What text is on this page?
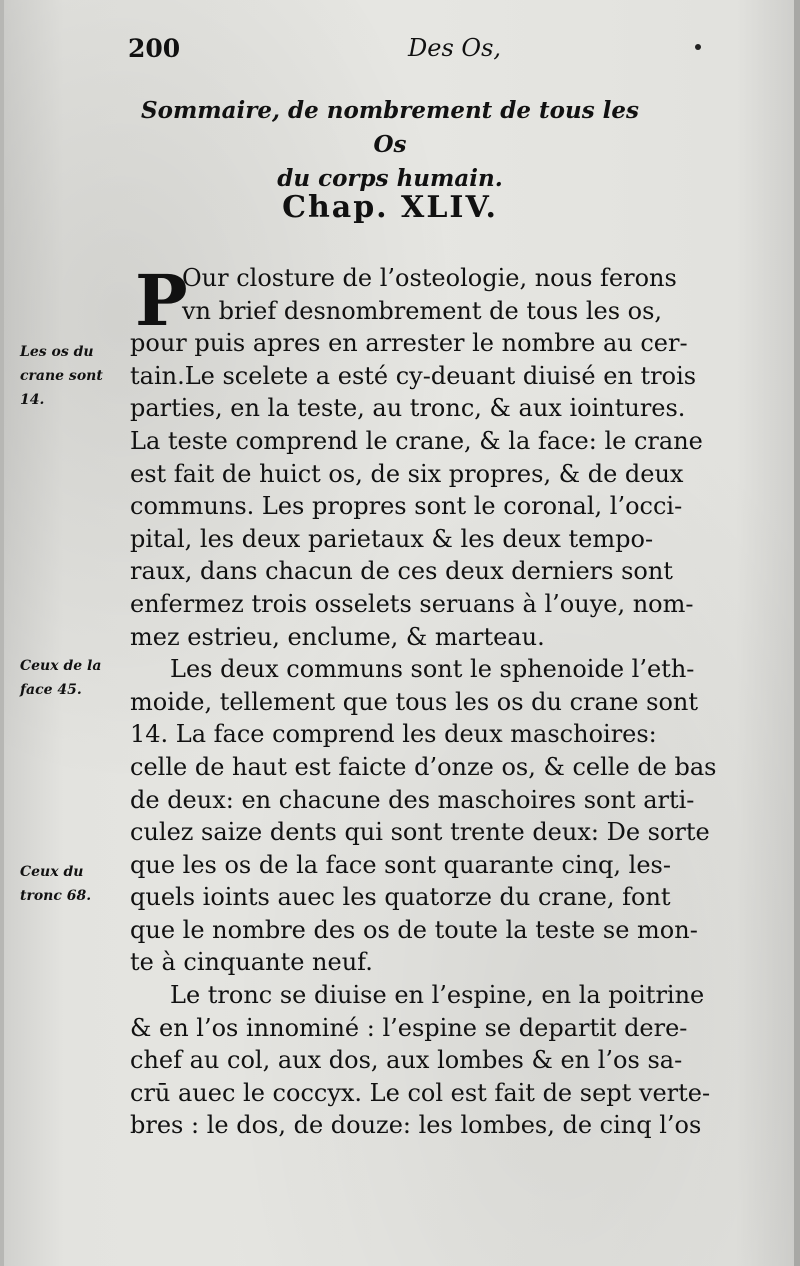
200	Des Os,
Sommaire, de nombrement de tous les Os
du corps humain.
Chap. XLIV.
P
Our closture de l’osteologie, nous ferons
vn brief desnombrement de tous les os,
pour puis apres en arrester le nombre au cer-
tain.Le scelete a esté cy-deuant diuisé en trois
parties, en la teste, au tronc, & aux iointures.
La teste comprend le crane, & la face: le crane
est fait de huict os, de six propres, & de deux
communs. Les propres sont le coronal, l’occi-
pital, les deux parietaux & les deux tempo-
raux, dans chacun de ces deux derniers sont
enfermez trois osselets seruans à l’ouye, nom-
mez estrieu, enclume, & marteau.
Les deux communs sont le sphenoide l’eth-
moide, tellement que tous les os du crane sont
14. La face comprend les deux maschoires:
celle de haut est faicte d’onze os, & celle de bas
de deux: en chacune des maschoires sont arti-
culez saize dents qui sont trente deux: De sorte
que les os de la face sont quarante cinq, les-
quels ioints auec les quatorze du crane, font
que le nombre des os de toute la teste se mon-
te à cinquante neuf.
Le tronc se diuise en l’espine, en la poitrine
& en l’os innominé : l’espine se departit dere-
chef au col, aux dos, aux lombes & en l’os sa-
crū auec le coccyx. Le col est fait de sept verte-
bres : le dos, de douze: les lombes, de cinq l’os
Les os du
crane sont
14.
Ceux de la
face 45.
Ceux du
tronc 68.
